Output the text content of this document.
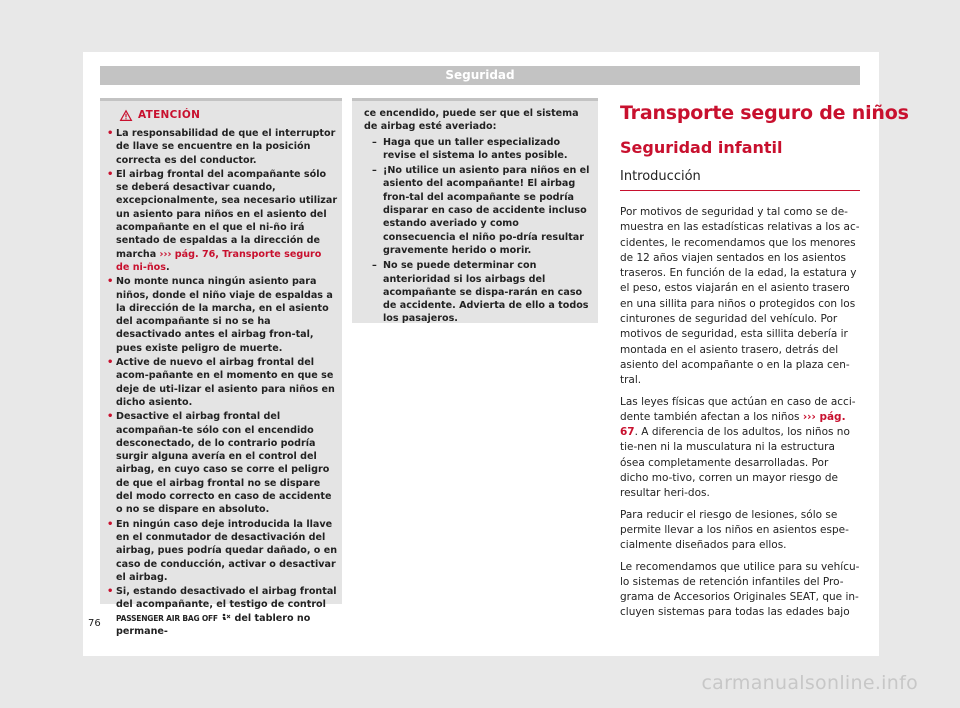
Seguridad
ATENCIÓN
• La responsabilidad de que el interruptor de llave se encuentre en la posición correcta es del conductor.
• El airbag frontal del acompañante sólo se deberá desactivar cuando, excepcionalmente, sea necesario utilizar un asiento para niños en el asiento del acompañante en el que el ni-ño irá sentado de espaldas a la dirección de marcha ››› pág. 76, Transporte seguro de ni-ños.
• No monte nunca ningún asiento para niños, donde el niño viaje de espaldas a la dirección de la marcha, en el asiento del acompañante si no se ha desactivado antes el airbag fron-tal, pues existe peligro de muerte.
• Active de nuevo el airbag frontal del acom-pañante en el momento en que se deje de uti-lizar el asiento para niños en dicho asiento.
• Desactive el airbag frontal del acompañan-te sólo con el encendido desconectado, de lo contrario podría surgir alguna avería en el control del airbag, en cuyo caso se corre el peligro de que el airbag frontal no se dispare del modo correcto en caso de accidente o no se dispare en absoluto.
• En ningún caso deje introducida la llave en el conmutador de desactivación del airbag, pues podría quedar dañado, o en caso de conducción, activar o desactivar el airbag.
• Si, estando desactivado el airbag frontal del acompañante, el testigo de control PASSENGER AIR BAG OFF del tablero no permane-
ce encendido, puede ser que el sistema de airbag esté averiado:
– Haga que un taller especializado revise el sistema lo antes posible.
– ¡No utilice un asiento para niños en el asiento del acompañante! El airbag fron-tal del acompañante se podría disparar en caso de accidente incluso estando averiado y como consecuencia el niño po-dría resultar gravemente herido o morir.
– No se puede determinar con anterioridad si los airbags del acompañante se dispa-rarán en caso de accidente. Advierta de ello a todos los pasajeros.
Transporte seguro de niños
Seguridad infantil
Introducción

Por motivos de seguridad y tal como se de-muestra en las estadísticas relativas a los ac-cidentes, le recomendamos que los menores de 12 años viajen sentados en los asientos traseros. En función de la edad, la estatura y el peso, estos viajarán en el asiento trasero en una sillita para niños o protegidos con los cinturones de seguridad del vehículo. Por motivos de seguridad, esta sillita debería ir montada en el asiento trasero, detrás del asiento del acompañante o en la plaza cen-tral.

Las leyes físicas que actúan en caso de acci-dente también afectan a los niños ››› pág. 67. A diferencia de los adultos, los niños no tie-nen ni la musculatura ni la estructura ósea completamente desarrolladas. Por dicho mo-tivo, corren un mayor riesgo de resultar heri-dos.

Para reducir el riesgo de lesiones, sólo se permite llevar a los niños en asientos espe-cialmente diseñados para ellos.

Le recomendamos que utilice para su vehícu-lo sistemas de retención infantiles del Pro-grama de Accesorios Originales SEAT, que in-cluyen sistemas para todas las edades bajo

76
carmanualsonline.info
